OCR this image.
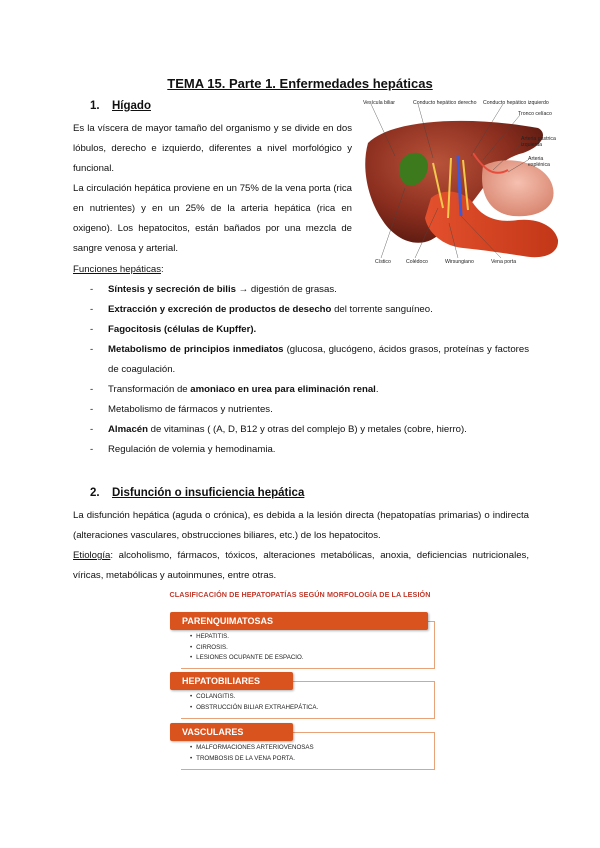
TEMA 15. Parte 1. Enfermedades hepáticas
1. Hígado

Es la víscera de mayor tamaño del organismo y se divide en dos lóbulos, derecho e izquierdo, diferentes a nivel morfológico y funcional.

La circulación hepática proviene en un 75% de la vena porta (rica en nutrientes) y en un 25% de la arteria hepática (rica en oxigeno). Los hepatocitos, están bañados por una mezcla de sangre venosa y arterial.

Funciones hepáticas:
- Síntesis y secreción de bilis → digestión de grasas.
- Extracción y excreción de productos de desecho del torrente sanguíneo.
- Fagocitosis (células de Kupffer).
- Metabolismo de principios inmediatos (glucosa, glucógeno, ácidos grasos, proteínas y factores de coagulación.
- Transformación de amoniaco en urea para eliminación renal.
- Metabolismo de fármacos y nutrientes.
- Almacén de vitaminas ( (A, D, B12 y otras del complejo B) y metales (cobre, hierro).
- Regulación de volemia y hemodinamia.
Vesícula biliar	Conducto hepático derecho Conducto hepático izquierdo
Tronco celíaco
Arteria gástrica izquierda
Arteria esplénica
Cístico	Colédoco	Wirsungiano	Vena porta
2. Disfunción o insuficiencia hepática

La disfunción hepática (aguda o crónica), es debida a la lesión directa (hepatopatías primarias) o indirecta (alteraciones vasculares, obstrucciones biliares, etc.) de los hepatocitos.

Etiología: alcoholismo, fármacos, tóxicos, alteraciones metabólicas, anoxia, deficiencias nutricionales, víricas, metabólicas y autoinmunes, entre otras.

CLASIFICACIÓN DE HEPATOPATÍAS SEGÚN MORFOLOGÍA DE LA LESIÓN
PARENQUIMATOSAS
• HEPATITIS.
• CIRROSIS.
• LESIONES OCUPANTE DE ESPACIO.
HEPATOBILIARES
• COLANGITIS.
• OBSTRUCCIÓN BILIAR EXTRAHEPÁTICA.
VASCULARES
• MALFORMACIONES ARTERIOVENOSAS
• TROMBOSIS DE LA VENA PORTA.
